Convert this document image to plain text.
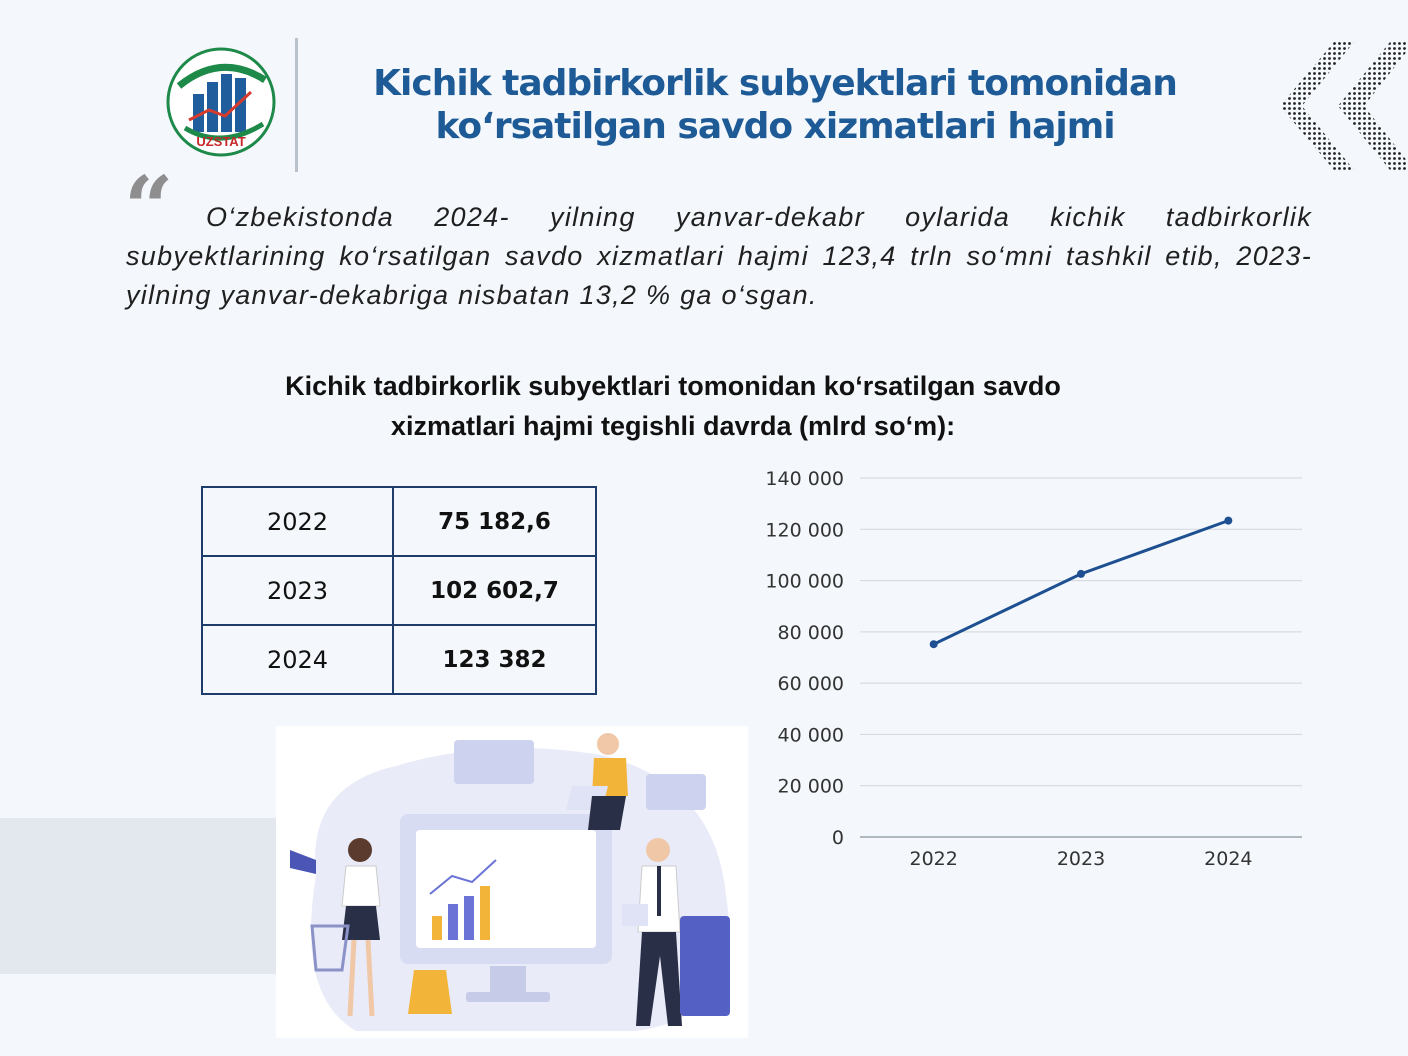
UZSTAT
Kichik tadbirkorlik subyektlari tomonidan
ko‘rsatilgan savdo xizmatlari hajmi
“	O‘zbekistonda 2024- yilning yanvar-dekabr oylarida kichik tadbirkorlik subyektlarining ko‘rsatilgan savdo xizmatlari hajmi 123,4 trln so‘mni tashkil etib, 2023- yilning yanvar-dekabriga nisbatan 13,2 % ga o‘sgan.
Kichik tadbirkorlik subyektlari tomonidan ko‘rsatilgan savdo
xizmatlari hajmi tegishli davrda (mlrd so‘m):
2022	75 182,6
2023	102 602,7
2024	123 382
0
20 000
40 000
60 000
80 000
100 000
120 000
140 000
2022	2023	2024
